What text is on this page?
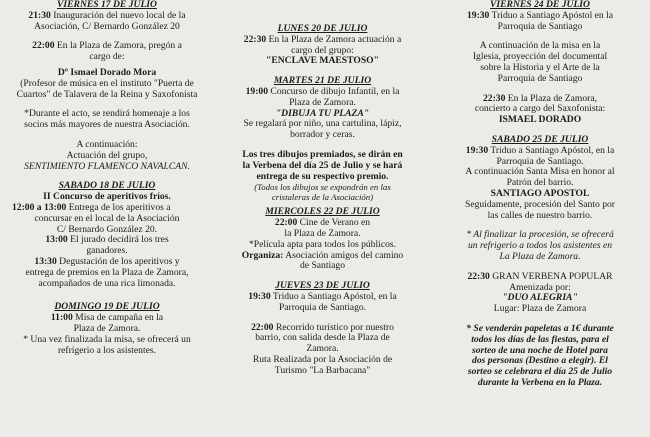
VIERNES 17 DE JULIO

21:30 Inauguración del nuevo local de la

Asociación, C/ Bernardo González 20

22:00 En la Plaza de Zamora, pregón a

cargo de:

Dº Ismael Dorado Mora

(Profesor de música en el instituto "Puerta de

Cuartos" de Talavera de la Reina y Saxofonista

*Durante el acto, se rendirá homenaje a los

socios más mayores de nuestra Asociación.

A continuación:

Actuación del grupo,

SENTIMIENTO FLAMENCO NAVALCAN.

SABADO 18 DE JULIO

II Concurso de aperitivos fríos.

12:00 a 13:00 Entrega de los aperitivos a

concursar en el local de la Asociación

C/ Bernardo González 20.

13:00 El jurado decidirá los tres

ganadores.

13:30 Degustación de los aperitivos y

entrega de premios en la Plaza de Zamora,

acompañados de una rica limonada.

DOMINGO 19 DE JULIO

11:00 Misa de campaña en la

Plaza de Zamora.

* Una vez finalizada la misa, se ofrecerá un

refrigerio a los asistentes.

LUNES 20 DE JULIO

22:30 En la Plaza de Zamora actuación a

cargo del grupo:

"ENCLAVE MAESTOSO"

MARTES 21 DE JULIO

19:00 Concurso de dibujo Infantil, en la

Plaza de Zamora.

"DIBUJA TU PLAZA"

Se regalará por niño, una cartulina, lápiz,

borrador y ceras.

Los tres dibujos premiados, se dirán en

la Verbena del día 25 de Julio y se hará

entrega de su respectivo premio.

(Todos los dibujos se expondrán en las

cristaleras de la Asociación)

MIERCOLES 22 DE JULIO

22:00 Cine de Verano en

la Plaza de Zamora.

*Película apta para todos los públicos.

Organiza: Asociación amigos del camino

de Santiago

JUEVES 23 DE JULIO

19:30 Triduo a Santiago Apóstol, en la

Parroquia de Santiago.

22:00 Recorrido turístico por nuestro

barrio, con salida desde la Plaza de

Zamora.

Ruta Realizada por la Asociación de

Turismo "La Barbacana"

VIERNES 24 DE JULIO

19:30 Triduo a Santiago Apóstol en la

Parroquia de Santiago

A continuación de la misa en la

Iglesia, proyección del documental

sobre la Historia y el Arte de la

Parroquia de Santiago

22:30 En la Plaza de Zamora,

concierto a cargo del Saxofonista:

ISMAEL DORADO

SABADO 25 DE JULIO

19:30 Triduo a Santiago Apóstol, en la

Parroquia de Santiago.

A continuación Santa Misa en honor al

Patrón del barrio.

SANTIAGO APOSTOL

Seguidamente, procesión del Santo por

las calles de nuestro barrio.

* Al finalizar la procesión, se ofrecerá

un refrigerio a todos los asistentes en

La Plaza de Zamora.

22:30 GRAN VERBENA POPULAR

Amenizada por:

"DUO ALEGRIA"

Lugar: Plaza de Zamora

* Se venderán papeletas a 1€ durante

todos los días de las fiestas, para el

sorteo de una noche de Hotel para

dos personas (Destino a elegir). El

sorteo se celebrara el día 25 de Julio

durante la Verbena en la Plaza.
